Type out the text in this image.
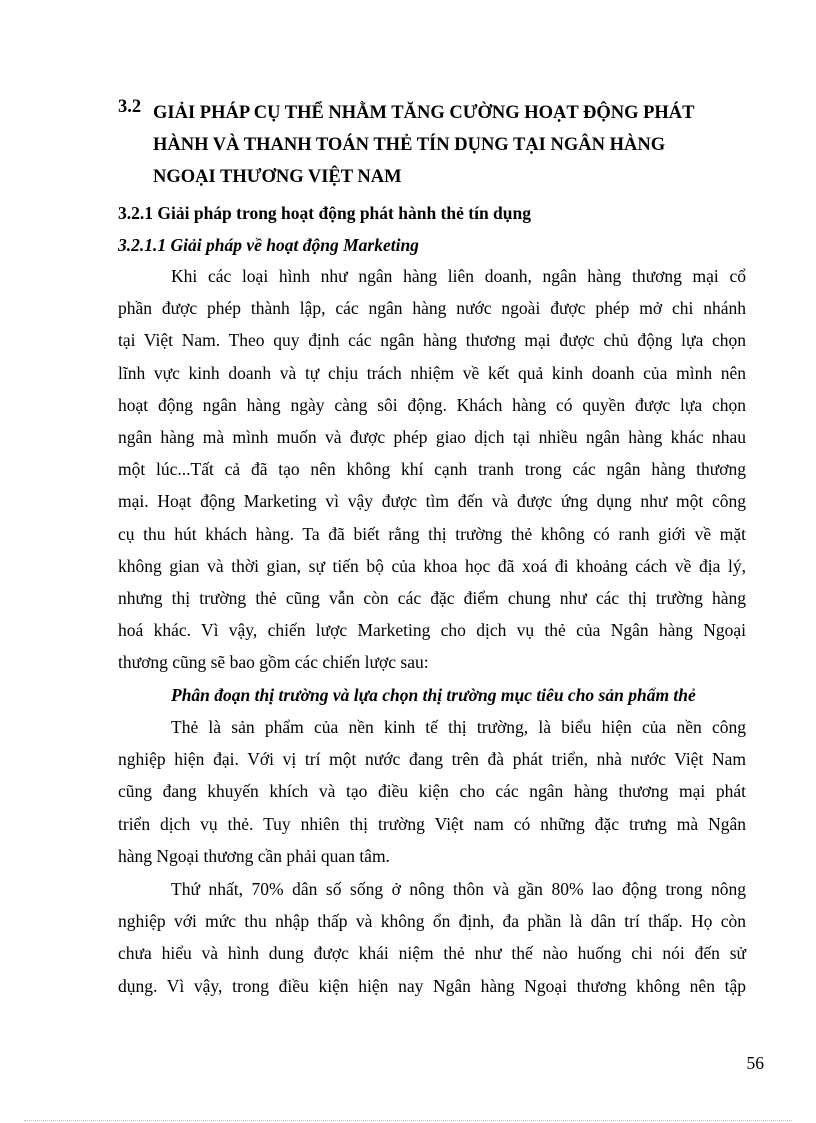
3.2 GIẢI PHÁP CỤ THỂ NHẰM TĂNG CƯỜNG HOẠT ĐỘNG PHÁT
HÀNH VÀ THANH TOÁN THẺ TÍN DỤNG TẠI NGÂN HÀNG
NGOẠI THƯƠNG VIỆT NAM
3.2.1 Giải pháp trong hoạt động phát hành thẻ tín dụng
3.2.1.1 Giải pháp về hoạt động Marketing
Khi các loại hình như ngân hàng liên doanh, ngân hàng thương mại cổ
phần được phép thành lập, các ngân hàng nước ngoài được phép mở chi nhánh
tại Việt Nam. Theo quy định các ngân hàng thương mại được chủ động lựa chọn
lĩnh vực kinh doanh và tự chịu trách nhiệm về kết quả kinh doanh của mình nên
hoạt động ngân hàng ngày càng sôi động. Khách hàng có quyền được lựa chọn
ngân hàng mà mình muốn và được phép giao dịch tại nhiều ngân hàng khác nhau
một lúc...Tất cả đã tạo nên không khí cạnh tranh trong các ngân hàng thương
mại. Hoạt động Marketing vì vậy được tìm đến và được ứng dụng như một công
cụ thu hút khách hàng. Ta đã biết rằng thị trường thẻ không có ranh giới về mặt
không gian và thời gian, sự tiến bộ của khoa học đã xoá đi khoảng cách về địa lý,
nhưng thị trường thẻ cũng vẫn còn các đặc điểm chung như các thị trường hàng
hoá khác. Vì vậy, chiến lược Marketing cho dịch vụ thẻ của Ngân hàng Ngoại
thương cũng sẽ bao gồm các chiến lược sau:
Phân đoạn thị trường và lựa chọn thị trường mục tiêu cho sản phẩm thẻ
Thẻ là sản phẩm của nền kinh tế thị trường, là biểu hiện của nền công
nghiệp hiện đại. Với vị trí một nước đang trên đà phát triển, nhà nước Việt Nam
cũng đang khuyến khích và tạo điều kiện cho các ngân hàng thương mại phát
triển dịch vụ thẻ. Tuy nhiên thị trường Việt nam có những đặc trưng mà Ngân
hàng Ngoại thương cần phải quan tâm.
Thứ nhất, 70% dân số sống ở nông thôn và gần 80% lao động trong nông
nghiệp với mức thu nhập thấp và không ổn định, đa phần là dân trí thấp. Họ còn
chưa hiểu và hình dung được khái niệm thẻ như thế nào huống chi nói đến sử
dụng. Vì vậy, trong điều kiện hiện nay Ngân hàng Ngoại thương không nên tập
56
